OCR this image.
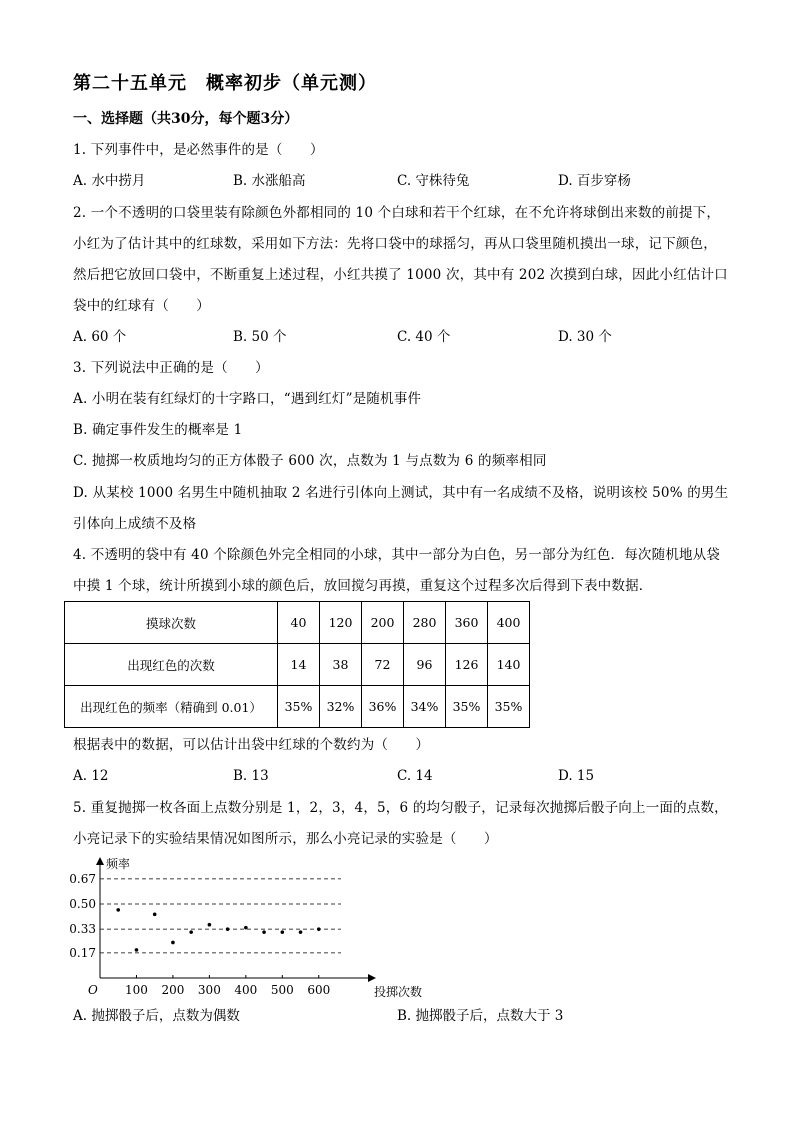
第二十五单元　概率初步（单元测）
一、选择题（共30分，每个题3分）
1. 下列事件中，是必然事件的是（　　）
A. 水中捞月	B. 水涨船高	C. 守株待兔	D. 百步穿杨
2. 一个不透明的口袋里装有除颜色外都相同的 10 个白球和若干个红球，在不允许将球倒出来数的前提下，
小红为了估计其中的红球数，采用如下方法：先将口袋中的球摇匀，再从口袋里随机摸出一球，记下颜色，
然后把它放回口袋中，不断重复上述过程，小红共摸了 1000 次，其中有 202 次摸到白球，因此小红估计口
袋中的红球有（　　）
A. 60 个	B. 50 个	C. 40 个	D. 30 个
3. 下列说法中正确的是（　　）
A. 小明在装有红绿灯的十字路口，“遇到红灯”是随机事件
B. 确定事件发生的概率是 1
C. 抛掷一枚质地均匀的正方体骰子 600 次，点数为 1 与点数为 6 的频率相同
D. 从某校 1000 名男生中随机抽取 2 名进行引体向上测试，其中有一名成绩不及格，说明该校 50% 的男生
引体向上成绩不及格
4. 不透明的袋中有 40 个除颜色外完全相同的小球，其中一部分为白色，另一部分为红色．每次随机地从袋
中摸 1 个球，统计所摸到小球的颜色后，放回搅匀再摸，重复这个过程多次后得到下表中数据．
摸球次数	40	120	200	280	360	400
出现红色的次数	14	38	72	96	126	140
出现红色的频率（精确到 0.01）	35%	32%	36%	34%	35%	35%
根据表中的数据，可以估计出袋中红球的个数约为（　　）
A. 12	B. 13	C. 14	D. 15
5. 重复抛掷一枚各面上点数分别是 1，2，3，4，5，6 的均匀骰子，记录每次抛掷后骰子向上一面的点数，
小亮记录下的实验结果情况如图所示，那么小亮记录的实验是（　　）
0.17
0.33
0.50
0.67
100 200 300 400 500 600
频率
投掷次数
O
A. 抛掷骰子后，点数为偶数	B. 抛掷骰子后，点数大于 3
